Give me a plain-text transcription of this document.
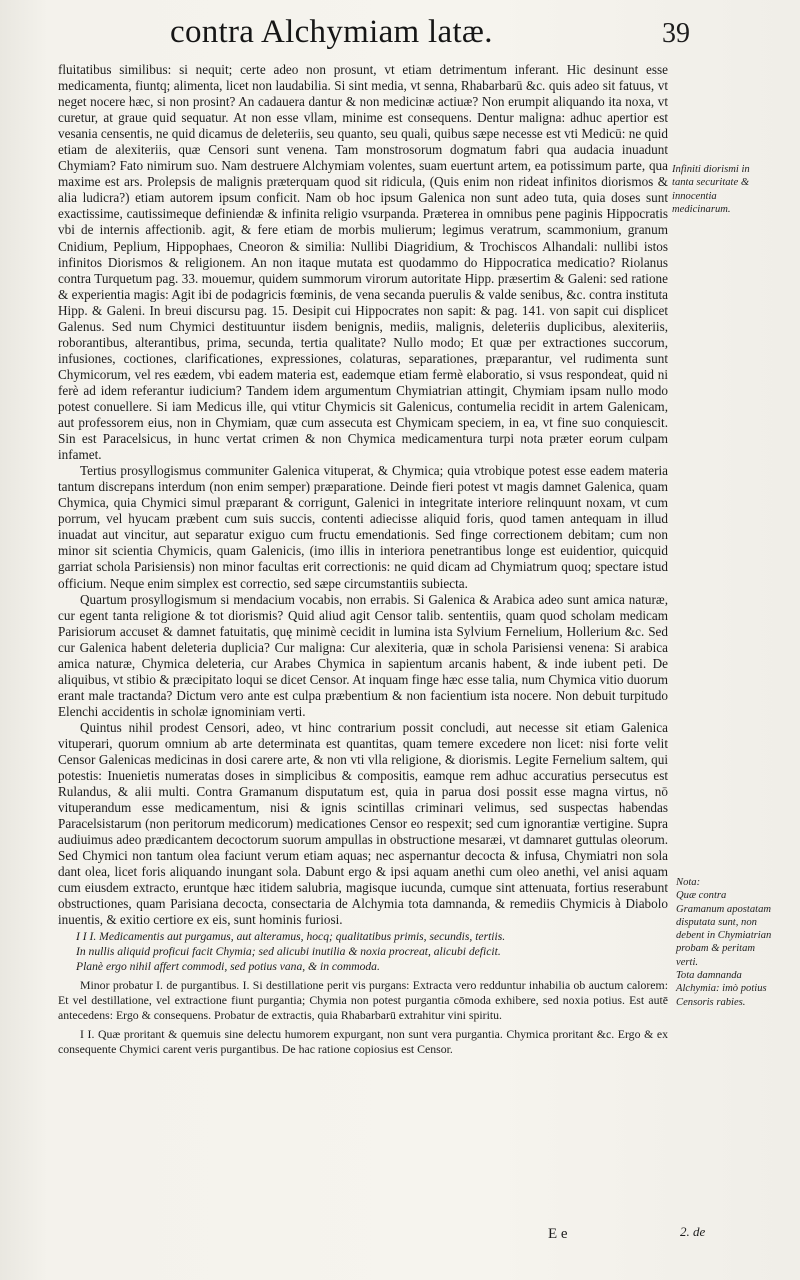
contra Alchymiam latæ.	39

fluitatibus similibus: si nequit; certe adeo non prosunt, vt etiam detrimentum inferant. Hic desinunt esse medicamenta, fiuntq; alimenta, licet non laudabilia. Si sint media, vt senna, Rhabarbarū &c. quis adeo sit fatuus, vt neget nocere hæc, si non prosint? An cadauera dantur & non medicinæ actiuæ? Non erumpit aliquando ita noxa, vt curetur, at graue quid sequatur. At non esse vllam, minime est consequens. Dentur maligna: adhuc apertior est vesania censentis, ne quid dicamus de deleteriis, seu quanto, seu quali, quibus sæpe necesse est vti Medicū: ne quid etiam de alexiteriis, quæ Censori sunt venena. Tam monstrosorum dogmatum fabri qua audacia inuadunt Chymiam? Fato nimirum suo. Nam destruere Alchymiam volentes, suam euertunt artem, ea potissimum parte, qua maxime est ars. Prolepsis de malignis præterquam quod sit ridicula, (Quis enim non rideat infinitos diorismos & alia ludicra?) etiam autorem ipsum conficit. Nam ob hoc ipsum Galenica non sunt adeo tuta, quia doses sunt exactissime, cautissimeque definiendæ & infinita religio vsurpanda. Præterea in omnibus pene paginis Hippocratis vbi de internis affectionib. agit, & fere etiam de morbis mulierum; legimus veratrum, scammonium, granum Cnidium, Peplium, Hippophaes, Cneoron & similia: Nullibi Diagridium, & Trochiscos Alhandali: nullibi istos infinitos Diorismos & religionem. An non itaque mutata est quodammo do Hippocratica medicatio? Riolanus contra Turquetum pag. 33. mouemur, quidem summorum virorum autoritate Hipp. præsertim & Galeni: sed ratione & experientia magis: Agit ibi de podagricis fœminis, de vena secanda puerulis & valde senibus, &c. contra instituta Hipp. & Galeni. In breui discursu pag. 15. Desipit cui Hippocrates non sapit: & pag. 141. von sapit cui displicet Galenus. Sed num Chymici destituuntur iisdem benignis, mediis, malignis, deleteriis duplicibus, alexiteriis, roborantibus, alterantibus, prima, secunda, tertia qualitate? Nullo modo; Et quæ per extractiones succorum, infusiones, coctiones, clarificationes, expressiones, colaturas, separationes, præparantur, vel rudimenta sunt Chymicorum, vel res eædem, vbi eadem materia est, eademque etiam fermè elaboratio, si vsus respondeat, quid ni ferè ad idem referantur iudicium? Tandem idem argumentum Chymiatrian attingit, Chymiam ipsam nullo modo potest conuellere. Si iam Medicus ille, qui vtitur Chymicis sit Galenicus, contumelia recidit in artem Galenicam, aut professorem eius, non in Chymiam, quæ cum assecuta est Chymicam speciem, in ea, vt fine suo conquiescit. Sin est Paracelsicus, in hunc vertat crimen & non Chymica medicamentura turpi nota præter eorum culpam infamet.

Tertius prosyllogismus communiter Galenica vituperat, & Chymica; quia vtrobique potest esse eadem materia tantum discrepans interdum (non enim semper) præparatione. Deinde fieri potest vt magis damnet Galenica, quam Chymica, quia Chymici simul præparant & corrigunt, Galenici in integritate interiore relinquunt noxam, vt cum porrum, vel hyucam præbent cum suis succis, contenti adiecisse aliquid foris, quod tamen antequam in illud inuadat aut vincitur, aut separatur exiguo cum fructu emendationis. Sed finge correctionem debitam; cum non minor sit scientia Chymicis, quam Galenicis, (imo illis in interiora penetrantibus longe est euidentior, quicquid garriat schola Parisiensis) non minor facultas erit correctionis: ne quid dicam ad Chymiatrum quoq; spectare istud officium. Neque enim simplex est correctio, sed sæpe circumstantiis subiecta.

Quartum prosyllogismum si mendacium vocabis, non errabis. Si Galenica & Arabica adeo sunt amica naturæ, cur egent tanta religione & tot diorismis? Quid aliud agit Censor talib. sententiis, quam quod scholam medicam Parisiorum accuset & damnet fatuitatis, quę minimè cecidit in lumina ista Sylvium Fernelium, Hollerium &c. Sed cur Galenica habent deleteria duplicia? Cur maligna: Cur alexiteria, quæ in schola Parisiensi venena: Si arabica amica naturæ, Chymica deleteria, cur Arabes Chymica in sapientum arcanis habent, & inde iubent peti. De aliquibus, vt stibio & præcipitato loqui se dicet Censor. At inquam finge hæc esse talia, num Chymica vitio duorum erant male tractanda? Dictum vero ante est culpa præbentium & non facientium ista nocere. Non debuit turpitudo Elenchi accidentis in scholæ ignominiam verti.

Quintus nihil prodest Censori, adeo, vt hinc contrarium possit concludi, aut necesse sit etiam Galenica vituperari, quorum omnium ab arte determinata est quantitas, quam temere excedere non licet: nisi forte velit Censor Galenicas medicinas in dosi carere arte, & non vti vlla religione, & diorismis. Legite Fernelium saltem, qui potestis: Inuenietis numeratas doses in simplicibus & compositis, eamque rem adhuc accuratius persecutus est Rulandus, & alii multi. Contra Gramanum disputatum est, quia in parua dosi possit esse magna virtus, nō vituperandum esse medicamentum, nisi & ignis scintillas criminari velimus, sed suspectas habendas Paracelsistarum (non peritorum medicorum) medicationes Censor eo respexit; sed cum ignorantiæ vertigine. Supra audiuimus adeo prædicantem decoctorum suorum ampullas in obstructione mesaræi, vt damnaret guttulas oleorum. Sed Chymici non tantum olea faciunt verum etiam aquas; nec aspernantur decocta & infusa, Chymiatri non sola dant olea, licet foris aliquando inungant sola. Dabunt ergo & ipsi aquam anethi cum oleo anethi, vel anisi aquam cum eiusdem extracto, eruntque hæc itidem salubria, magisque iucunda, cumque sint attenuata, fortius reserabunt obstructiones, quam Parisiana decocta, consectaria de Alchymia tota damnanda, & remediis Chymicis à Diabolo inuentis, & exitio certiore ex eis, sunt hominis furiosi.

I I I. Medicamentis aut purgamus, aut alteramus, hocq; qualitatibus primis, secundis, tertiis.

In nullis aliquid proficui facit Chymia; sed alicubi inutilia & noxia procreat, alicubi deficit.

Planè ergo nihil affert commodi, sed potius vana, & in commoda.

Minor probatur I. de purgantibus. I. Si destillatione perit vis purgans: Extracta vero redduntur inhabilia ob auctum calorem: Et vel destillatione, vel extractione fiunt purgantia; Chymia non potest purgantia cōmoda exhibere, sed noxia potius. Est autē antecedens: Ergo & consequens. Probatur de extractis, quia Rhabarbarū extrahitur vini spiritu.

I I. Quæ proritant & quemuis sine delectu humorem expurgant, non sunt vera purgantia. Chymica proritant &c. Ergo & ex consequente Chymici carent veris purgantibus. De hac ratione copiosius est Censor.

Infiniti diorismi in tanta securitate & innocentia medicinarum.
Nota:
Quæ contra Gramanum apostatam disputata sunt, non debent in Chymiatrian probam & peritam verti.
Tota damnanda Alchymia: imò potius Censoris rabies.
E e	2. de
